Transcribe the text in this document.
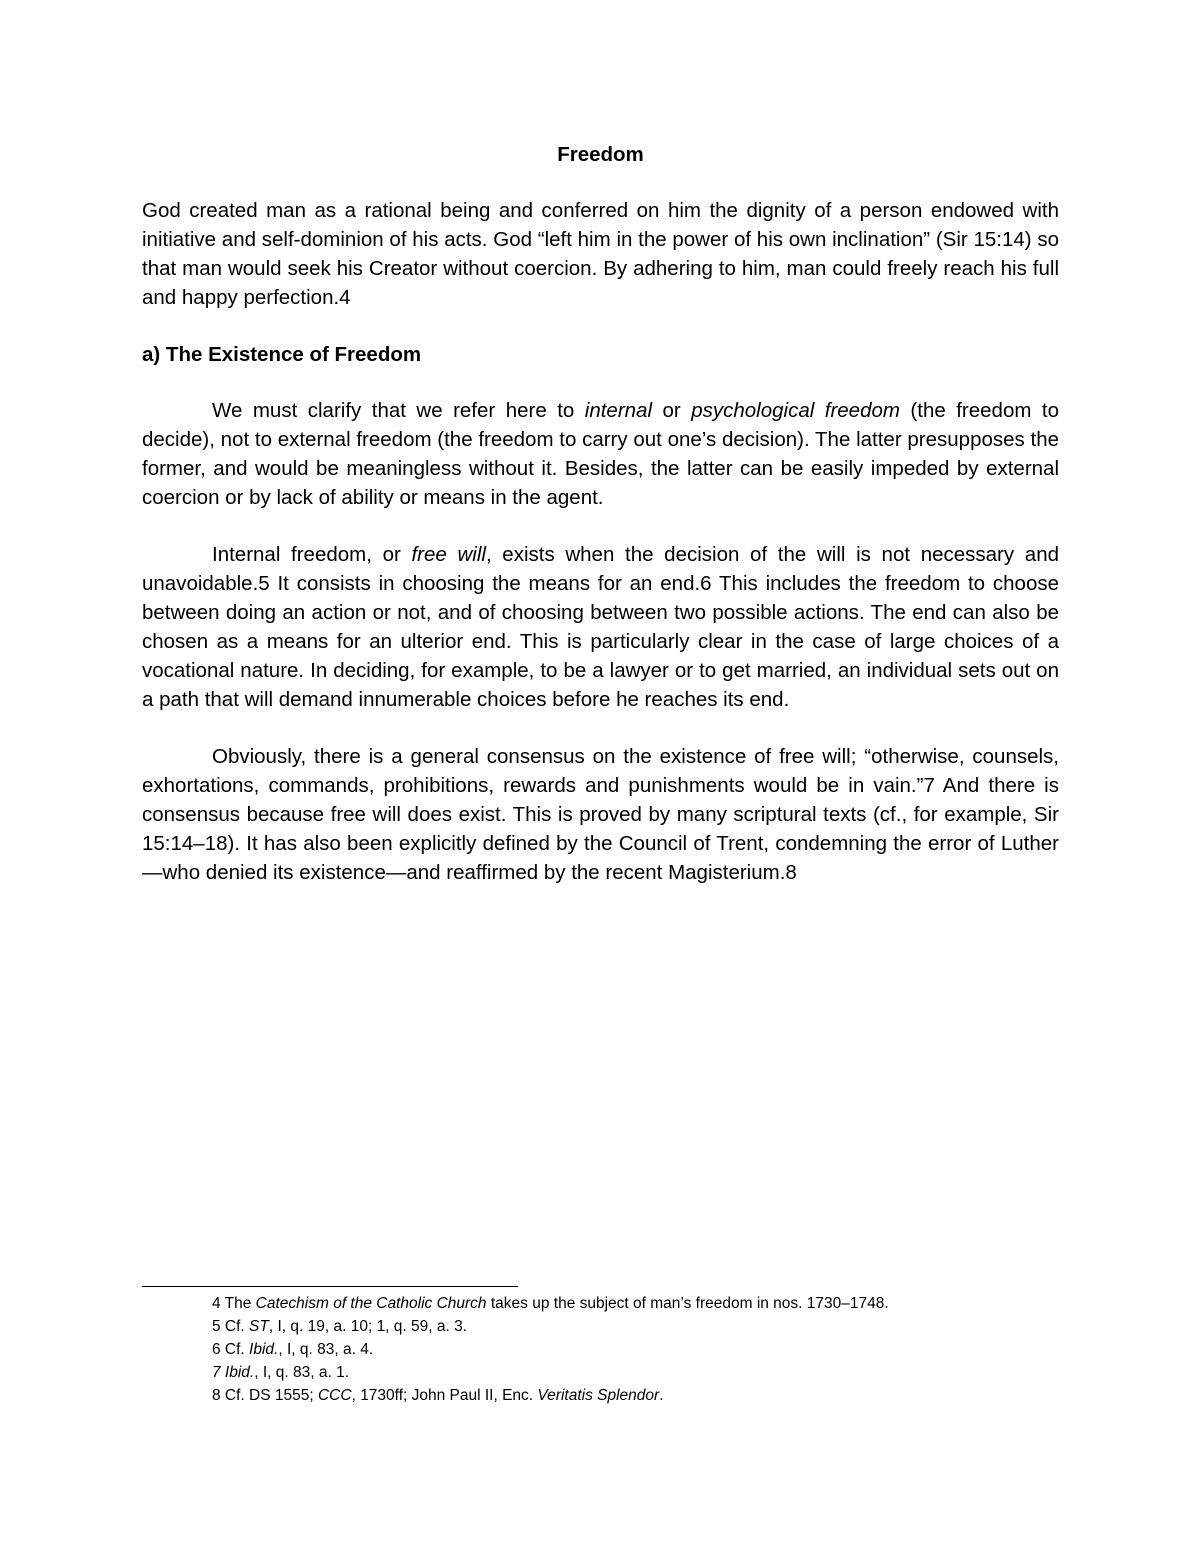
Freedom

God created man as a rational being and conferred on him the dignity of a person endowed with initiative and self-dominion of his acts. God “left him in the power of his own inclination” (Sir 15:14) so that man would seek his Creator without coercion. By adhering to him, man could freely reach his full and happy perfection.4

a) The Existence of Freedom

We must clarify that we refer here to internal or psychological freedom (the freedom to decide), not to external freedom (the freedom to carry out one’s decision). The latter presupposes the former, and would be meaningless without it. Besides, the latter can be easily impeded by external coercion or by lack of ability or means in the agent.

Internal freedom, or free will, exists when the decision of the will is not necessary and unavoidable.5 It consists in choosing the means for an end.6 This includes the freedom to choose between doing an action or not, and of choosing between two possible actions. The end can also be chosen as a means for an ulterior end. This is particularly clear in the case of large choices of a vocational nature. In deciding, for example, to be a lawyer or to get married, an individual sets out on a path that will demand innumerable choices before he reaches its end.

Obviously, there is a general consensus on the existence of free will; “otherwise, counsels, exhortations, commands, prohibitions, rewards and punishments would be in vain.”7 And there is consensus because free will does exist. This is proved by many scriptural texts (cf., for example, Sir 15:14–18). It has also been explicitly defined by the Council of Trent, condemning the error of Luther—who denied its existence—and reaffirmed by the recent Magisterium.8

4 The Catechism of the Catholic Church takes up the subject of man’s freedom in nos. 1730–1748.
5 Cf. ST, I, q. 19, a. 10; 1, q. 59, a. 3.
6 Cf. Ibid., I, q. 83, a. 4.
7 Ibid., I, q. 83, a. 1.
8 Cf. DS 1555; CCC, 1730ff; John Paul II, Enc. Veritatis Splendor.
